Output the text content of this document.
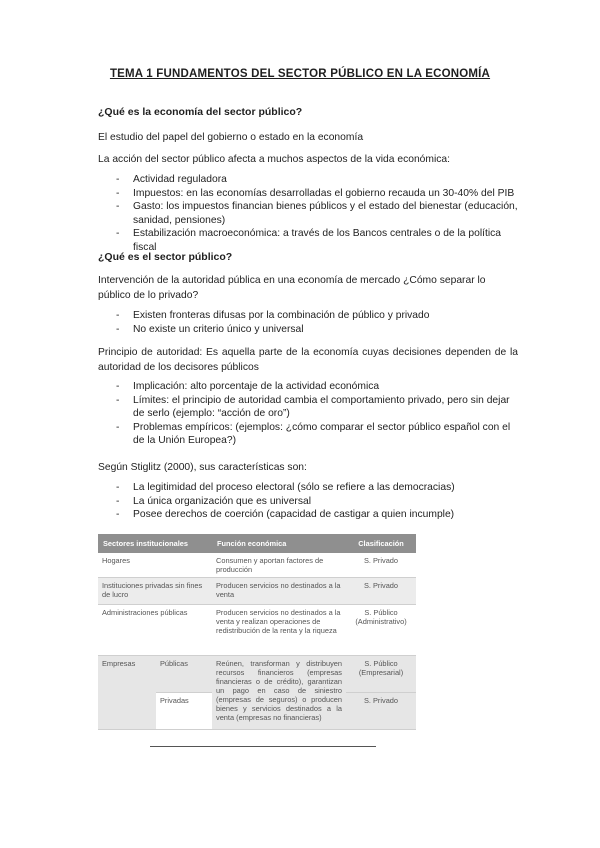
TEMA 1 FUNDAMENTOS DEL SECTOR PÚBLICO EN LA ECONOMÍA
¿Qué es la economía del sector público?
El estudio del papel del gobierno o estado en la economía
La acción del sector público afecta a muchos aspectos de la vida económica:
- Actividad reguladora
- Impuestos: en las economías desarrolladas el gobierno recauda un 30-40% del PIB
- Gasto: los impuestos financian bienes públicos y el estado del bienestar (educación, sanidad, pensiones)
- Estabilización macroeconómica: a través de los Bancos centrales o de la política fiscal
¿Qué es el sector público?
Intervención de la autoridad pública en una economía de mercado ¿Cómo separar lo público de lo privado?
- Existen fronteras difusas por la combinación de público y privado
- No existe un criterio único y universal
Principio de autoridad: Es aquella parte de la economía cuyas decisiones dependen de la autoridad de los decisores públicos
- Implicación: alto porcentaje de la actividad económica
- Límites: el principio de autoridad cambia el comportamiento privado, pero sin dejar de serlo (ejemplo: “acción de oro”)
- Problemas empíricos: (ejemplos: ¿cómo comparar el sector público español con el de la Unión Europea?)
Según Stiglitz (2000), sus características son:
- La legitimidad del proceso electoral (sólo se refiere a las democracias)
- La única organización que es universal
- Posee derechos de coerción (capacidad de castigar a quien incumple)
Sectores institucionales		Función económica	Clasificación
Hogares		Consumen y aportan factores de producción	S. Privado
Instituciones privadas sin fines de lucro		Producen servicios no destinados a la venta	S. Privado
Administraciones públicas		Producen servicios no destinados a la venta y realizan operaciones de redistribución de la renta y la riqueza	S. Público (Administrativo)
Empresas	Públicas	Reúnen, transforman y distribuyen recursos financieros (empresas financieras o de crédito), garantizan un pago en caso de siniestro (empresas de seguros) o producen bienes y servicios destinados a la venta (empresas no financieras)	S. Público (Empresarial)
	Privadas		S. Privado
